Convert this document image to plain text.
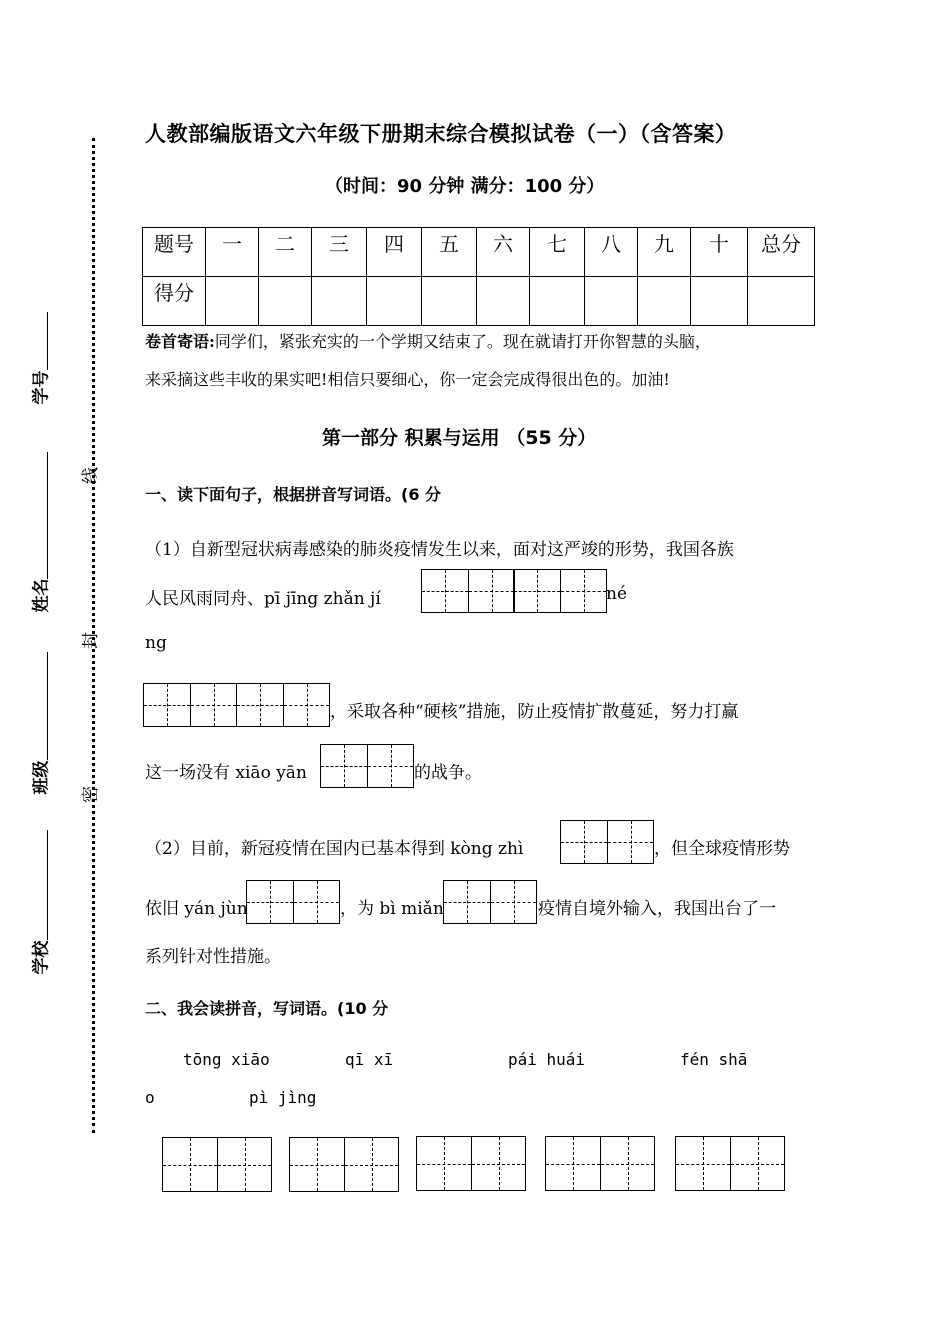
学号
姓名
班级
学校
线
封
密
人教部编版语文六年级下册期末综合模拟试卷（一）（含答案）
（时间：90 分钟 满分：100 分）
题号	一	二	三	四	五	六	七	八	九	十	总分
得分											
卷首寄语:同学们，紧张充实的一个学期又结束了。现在就请打开你智慧的头脑，
来采摘这些丰收的果实吧!相信只要细心，你一定会完成得很出色的。加油!
第一部分 积累与运用 （55 分）
一、读下面句子，根据拼音写词语。(6 分
（1）自新型冠状病毒感染的肺炎疫情发生以来，面对这严竣的形势，我国各族
人民风雨同舟、pī jīng zhǎn jí	né
ng
，采取各种“硬核”措施，防止疫情扩散蔓延，努力打赢
这一场没有 xiāo yān	的战争。
（2）目前，新冠疫情在国内已基本得到 kòng zhì	，但全球疫情形势
依旧 yán jùn	，为 bì miǎn	疫情自境外输入，我国出台了一
系列针对性措施。
二、我会读拼音，写词语。(10 分
tōng xiāo	qī xī	pái huái	fén shā
o	pì jìng
